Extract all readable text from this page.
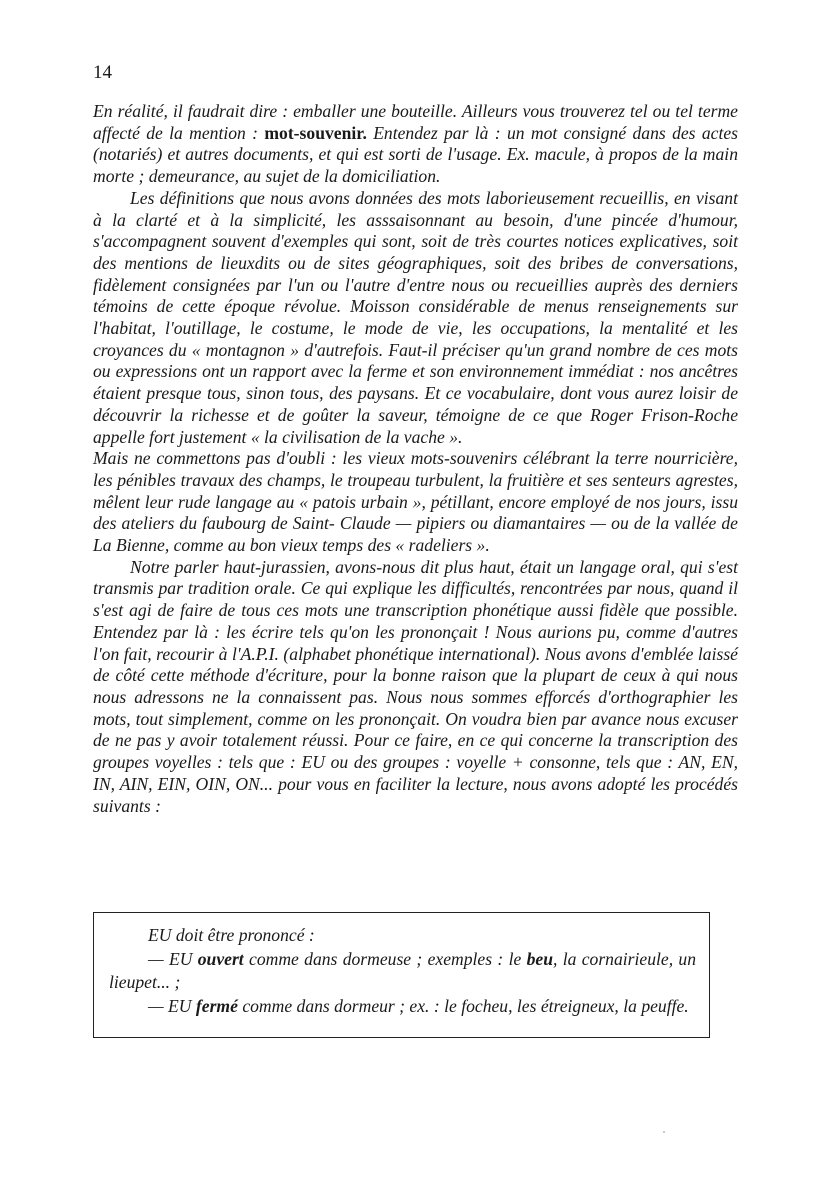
14

En réalité, il faudrait dire : emballer une bouteille. Ailleurs vous trouverez tel ou tel terme affecté de la mention : mot-souvenir. Entendez par là : un mot consigné dans des actes (notariés) et autres documents, et qui est sorti de l'usage. Ex. macule, à propos de la main morte ; demeurance, au sujet de la domiciliation.

Les définitions que nous avons données des mots laborieusement recueillis, en visant à la clarté et à la simplicité, les asssaisonnant au besoin, d'une pincée d'humour, s'accompagnent souvent d'exemples qui sont, soit de très courtes notices explicatives, soit des mentions de lieuxdits ou de sites géographiques, soit des bribes de conversations, fidèlement consignées par l'un ou l'autre d'entre nous ou recueillies auprès des derniers témoins de cette époque révolue. Moisson considérable de menus renseignements sur l'habitat, l'outillage, le costume, le mode de vie, les occupations, la mentalité et les croyances du « montagnon » d'autrefois. Faut-il préciser qu'un grand nombre de ces mots ou expressions ont un rapport avec la ferme et son environnement immédiat : nos ancêtres étaient presque tous, sinon tous, des paysans. Et ce vocabulaire, dont vous aurez loisir de découvrir la richesse et de goûter la saveur, témoigne de ce que Roger Frison-Roche appelle fort justement « la civilisation de la vache ».

Mais ne commettons pas d'oubli : les vieux mots-souvenirs célébrant la terre nourricière, les pénibles travaux des champs, le troupeau turbulent, la fruitière et ses senteurs agrestes, mêlent leur rude langage au « patois urbain », pétillant, encore employé de nos jours, issu des ateliers du faubourg de Saint- Claude — pipiers ou diamantaires — ou de la vallée de La Bienne, comme au bon vieux temps des « radeliers ».

Notre parler haut-jurassien, avons-nous dit plus haut, était un langage oral, qui s'est transmis par tradition orale. Ce qui explique les difficultés, rencontrées par nous, quand il s'est agi de faire de tous ces mots une transcription phonétique aussi fidèle que possible. Entendez par là : les écrire tels qu'on les prononçait ! Nous aurions pu, comme d'autres l'on fait, recourir à l'A.P.I. (alphabet phonétique international). Nous avons d'emblée laissé de côté cette méthode d'écriture, pour la bonne raison que la plupart de ceux à qui nous nous adressons ne la connaissent pas. Nous nous sommes efforcés d'orthographier les mots, tout simplement, comme on les prononçait. On voudra bien par avance nous excuser de ne pas y avoir totalement réussi. Pour ce faire, en ce qui concerne la transcription des groupes voyelles : tels que : EU ou des groupes : voyelle + consonne, tels que : AN, EN, IN, AIN, EIN, OIN, ON... pour vous en faciliter la lecture, nous avons adopté les procédés suivants :

EU doit être prononcé :

— EU ouvert comme dans dormeuse ; exemples : le beu, la cornairieule, un lieupet... ;

— EU fermé comme dans dormeur ; ex. : le focheu, les étreigneux, la peuffe.
